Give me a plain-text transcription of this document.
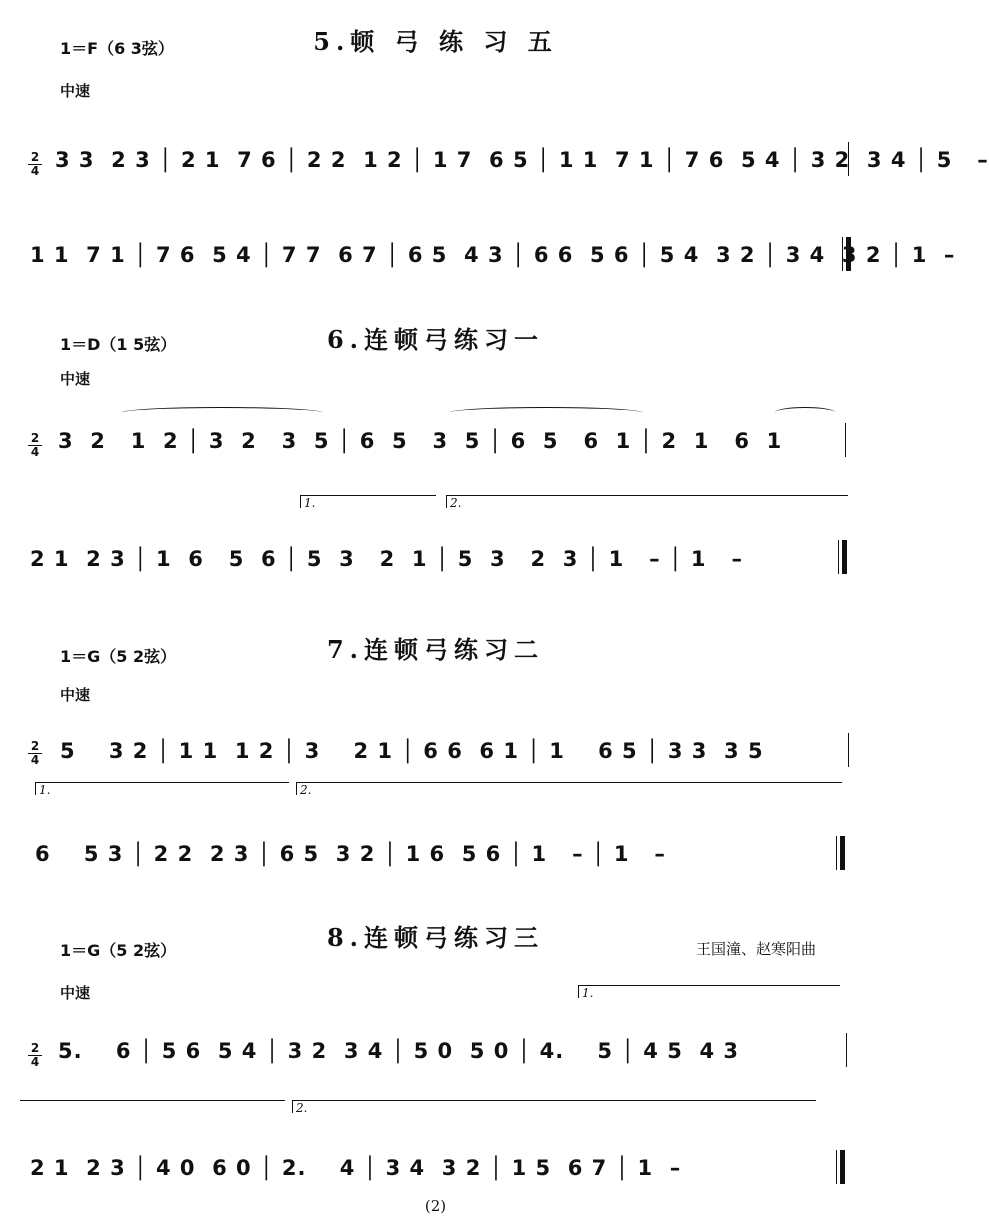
1＝F（6 3弦）	5.顿 弓 练 习 五
中速
2
4 3 3  2 3 │ 2 1  7 6 │ 2 2  1 2 │ 1 7  6 5 │ 1 1  7 1 │ 7 6  5 4 │ 3 2  3 4 │ 5   –
1 1  7 1 │ 7 6  5 4 │ 7 7  6 7 │ 6 5  4 3 │ 6 6  5 6 │ 5 4  3 2 │ 3 4  3 2 │ 1  –
1＝D（1 5弦）	6.连顿弓练习一
中速
2
4 3  2   1  2 │ 3  2   3  5 │ 6  5   3  5 │ 6  5   6  1 │ 2  1   6  1
1.	2.
2 1  2 3 │ 1  6   5  6 │ 5  3   2  1 │ 5  3   2  3 │ 1   – │ 1   –
1＝G（5 2弦）	7.连顿弓练习二
中速
2
4 5    3 2 │ 1 1  1 2 │ 3    2 1 │ 6 6  6 1 │ 1    6 5 │ 3 3  3 5
1.	2.
6    5 3 │ 2 2  2 3 │ 6 5  3 2 │ 1 6  5 6 │ 1   – │ 1   –
1＝G（5 2弦）	8.连顿弓练习三	王国潼、赵寒阳曲
中速	1.
2
4 5.    6 │ 5 6  5 4 │ 3 2  3 4 │ 5 0  5 0 │ 4.    5 │ 4 5  4 3
2.
2 1  2 3 │ 4 0  6 0 │ 2.    4 │ 3 4  3 2 │ 1 5  6 7 │ 1  –
(2)
